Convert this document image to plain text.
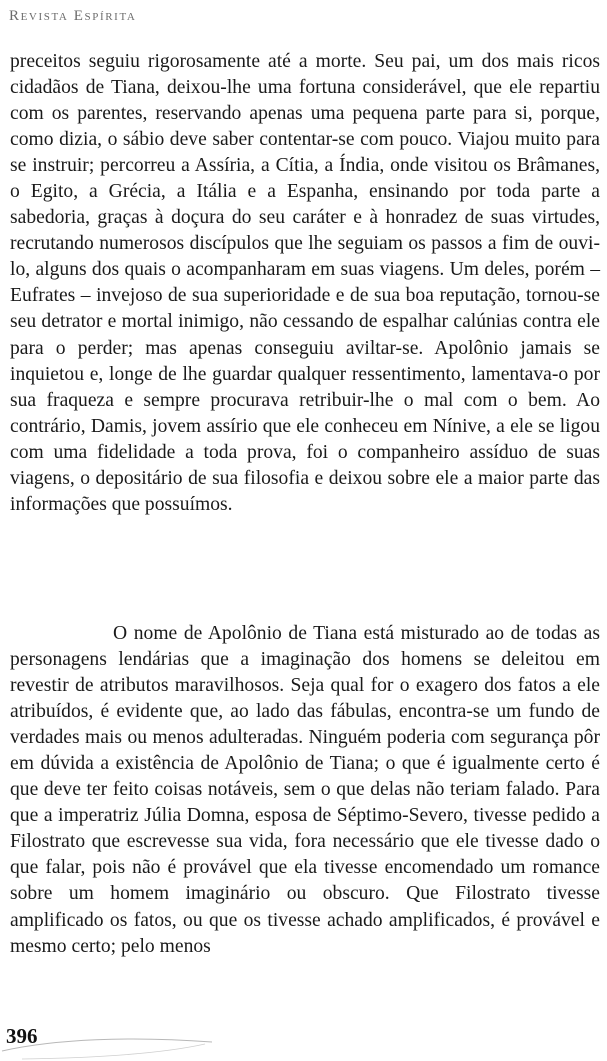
Revista Espírita

preceitos seguiu rigorosamente até a morte. Seu pai, um dos mais ricos cidadãos de Tiana, deixou-lhe uma fortuna considerável, que ele repartiu com os parentes, reservando apenas uma pequena parte para si, porque, como dizia, o sábio deve saber contentar-se com pouco. Viajou muito para se instruir; percorreu a Assíria, a Cítia, a Índia, onde visitou os Brâmanes, o Egito, a Grécia, a Itália e a Espanha, ensinando por toda parte a sabedoria, graças à doçura do seu caráter e à honradez de suas virtudes, recrutando numerosos discípulos que lhe seguiam os passos a fim de ouvi-lo, alguns dos quais o acompanharam em suas viagens. Um deles, porém – Eufrates – invejoso de sua superioridade e de sua boa reputação, tornou-se seu detrator e mortal inimigo, não cessando de espalhar calúnias contra ele para o perder; mas apenas conseguiu aviltar-se. Apolônio jamais se inquietou e, longe de lhe guardar qualquer ressentimento, lamentava-o por sua fraqueza e sempre procurava retribuir-lhe o mal com o bem. Ao contrário, Damis, jovem assírio que ele conheceu em Nínive, a ele se ligou com uma fidelidade a toda prova, foi o companheiro assíduo de suas viagens, o depositário de sua filosofia e deixou sobre ele a maior parte das informações que possuímos.

O nome de Apolônio de Tiana está misturado ao de todas as personagens lendárias que a imaginação dos homens se deleitou em revestir de atributos maravilhosos. Seja qual for o exagero dos fatos a ele atribuídos, é evidente que, ao lado das fábulas, encontra-se um fundo de verdades mais ou menos adulteradas. Ninguém poderia com segurança pôr em dúvida a existência de Apolônio de Tiana; o que é igualmente certo é que deve ter feito coisas notáveis, sem o que delas não teriam falado. Para que a imperatriz Júlia Domna, esposa de Séptimo-Severo, tivesse pedido a Filostrato que escrevesse sua vida, fora necessário que ele tivesse dado o que falar, pois não é provável que ela tivesse encomendado um romance sobre um homem imaginário ou obscuro. Que Filostrato tivesse amplificado os fatos, ou que os tivesse achado amplificados, é provável e mesmo certo; pelo menos

396
